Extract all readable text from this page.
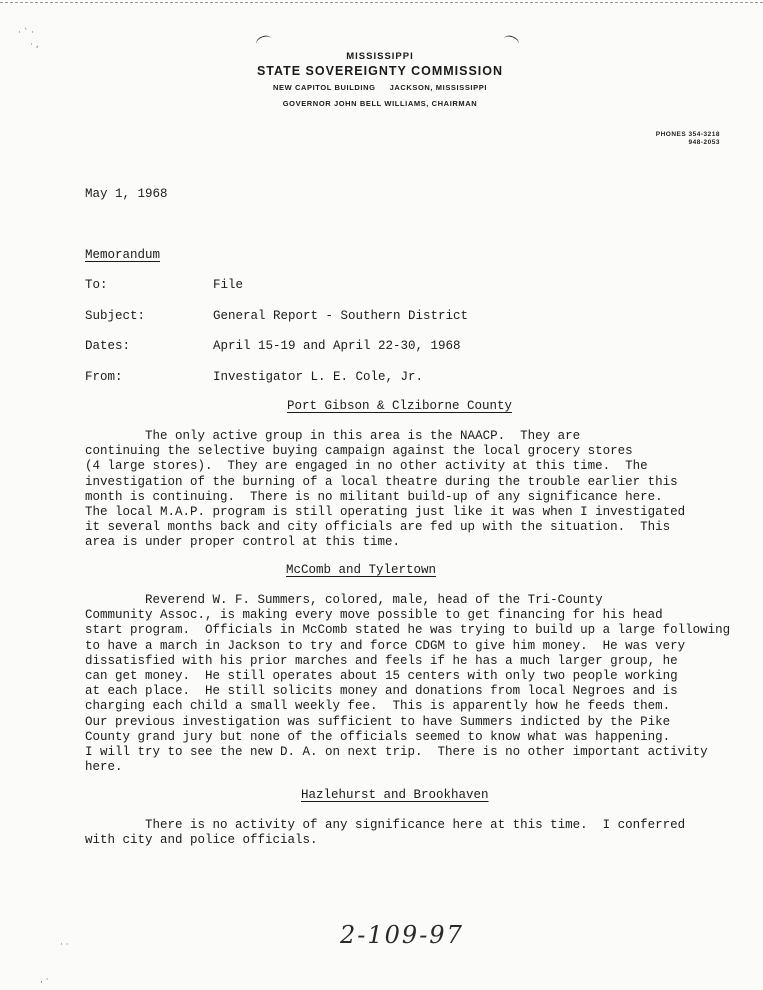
· ˋ ·
· ‚
MISSISSIPPI
STATE SOVEREIGNTY COMMISSION
NEW CAPITOL BUILDING JACKSON, MISSISSIPPI
GOVERNOR JOHN BELL WILLIAMS, CHAIRMAN
PHONES 354-3218
948-2053
May 1, 1968
Memorandum
To:	File
Subject:	General Report - Southern District
Dates:	April 15-19 and April 22-30, 1968
From:	Investigator L. E. Cole, Jr.
Port Gibson & Clziborne County
The only active group in this area is the NAACP.  They are
continuing the selective buying campaign against the local grocery stores
(4 large stores).  They are engaged in no other activity at this time.  The
investigation of the burning of a local theatre during the trouble earlier this
month is continuing.  There is no militant build-up of any significance here.
The local M.A.P. program is still operating just like it was when I investigated
it several months back and city officials are fed up with the situation.  This
area is under proper control at this time.
McComb and Tylertown
Reverend W. F. Summers, colored, male, head of the Tri-County
Community Assoc., is making every move possible to get financing for his head
start program.  Officials in McComb stated he was trying to build up a large following
to have a march in Jackson to try and force CDGM to give him money.  He was very
dissatisfied with his prior marches and feels if he has a much larger group, he
can get money.  He still operates about 15 centers with only two people working
at each place.  He still solicits money and donations from local Negroes and is
charging each child a small weekly fee.  This is apparently how he feeds them.
Our previous investigation was sufficient to have Summers indicted by the Pike
County grand jury but none of the officials seemed to know what was happening.
I will try to see the new D. A. on next trip.  There is no other important activity
here.
Hazlehurst and Brookhaven
There is no activity of any significance here at this time.  I conferred
with city and police officials.
2-109-97
· ·
‚ ·
